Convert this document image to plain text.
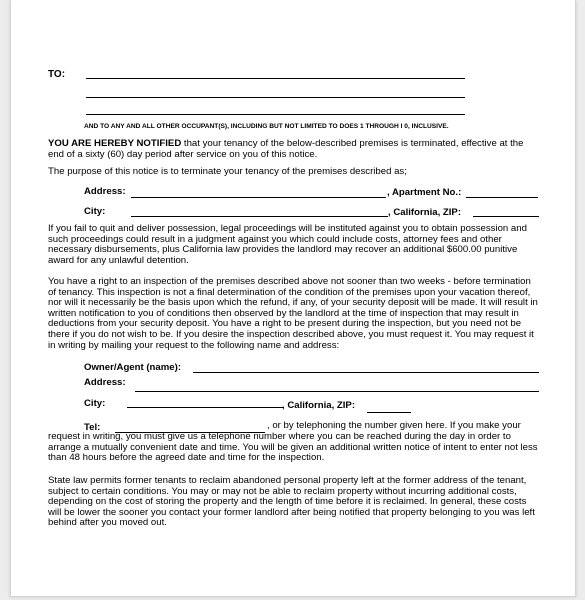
TO:
AND TO ANY AND ALL OTHER OCCUPANT(S), INCLUDING BUT NOT LIMITED TO DOES 1 THROUGH I 0, INCLUSIVE.

YOU ARE HEREBY NOTIFIED that your tenancy of the below-described premises is terminated, effective at the end of a sixty (60) day period after service on you of this notice.

The purpose of this notice is to terminate your tenancy of the premises described as;

Address:	, Apartment No.:
City:	, California, ZIP:

If you fail to quit and deliver possession, legal proceedings will be instituted against you to obtain possession and such proceedings could result in a judgment against you which could include costs, attorney fees and other necessary disbursements, plus California law provides the landlord may recover an additional $600.00 punitive award for any unlawful detention.

You have a right to an inspection of the premises described above not sooner than two weeks - before termination of tenancy. This inspection is not a final determination of the condition of the premises upon your vacation thereof, nor will it necessarily be the basis upon which the refund, if any, of your security deposit will be made. It will result in written notification to you of conditions then observed by the landlord at the time of inspection that may result in deductions from your security deposit. You have a right to be present during the inspection, but you need not be there if you do not wish to be. If you desire the inspection described above, you must request it. You may request it in writing by mailing your request to the following name and address:

Owner/Agent (name):
Address:
City:	, California, ZIP:
Tel:	, or by telephoning the number given here. If you make your

request in writing, you must give us a telephone number where you can be reached during the day in order to arrange a mutually convenient date and time. You will be given an additional written notice of intent to enter not less than 48 hours before the agreed date and time for the inspection.

State law permits former tenants to reclaim abandoned personal property left at the former address of the tenant, subject to certain conditions. You may or may not be able to reclaim property without incurring additional costs, depending on the cost of storing the property and the length of time before it is reclaimed. In general, these costs will be lower the sooner you contact your former landlord after being notified that property belonging to you was left behind after you moved out.
